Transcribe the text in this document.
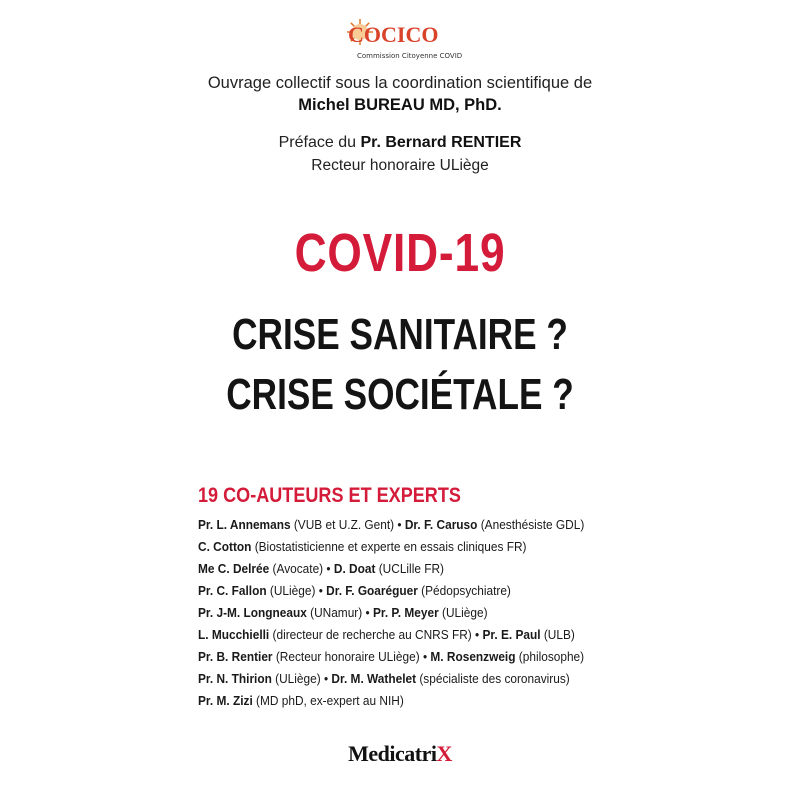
COCICO
Commission Citoyenne COVID
Ouvrage collectif sous la coordination scientifique de
Michel BUREAU MD, PhD.
Préface du Pr. Bernard RENTIER
Recteur honoraire ULiège
COVID-19
CRISE SANITAIRE ?
CRISE SOCIÉTALE ?
19 CO-AUTEURS ET EXPERTS
Pr. L. Annemans (VUB et U.Z. Gent) • Dr. F. Caruso (Anesthésiste GDL)
C. Cotton (Biostatisticienne et experte en essais cliniques FR)
Me C. Delrée (Avocate) • D. Doat (UCLille FR)
Pr. C. Fallon (ULiège) • Dr. F. Goaréguer (Pédopsychiatre)
Pr. J-M. Longneaux (UNamur) • Pr. P. Meyer (ULiège)
L. Mucchielli (directeur de recherche au CNRS FR) • Pr. E. Paul (ULB)
Pr. B. Rentier (Recteur honoraire ULiège) • M. Rosenzweig (philosophe)
Pr. N. Thirion (ULiège) • Dr. M. Wathelet (spécialiste des coronavirus)
Pr. M. Zizi (MD phD, ex-expert au NIH)
MedicatriX
